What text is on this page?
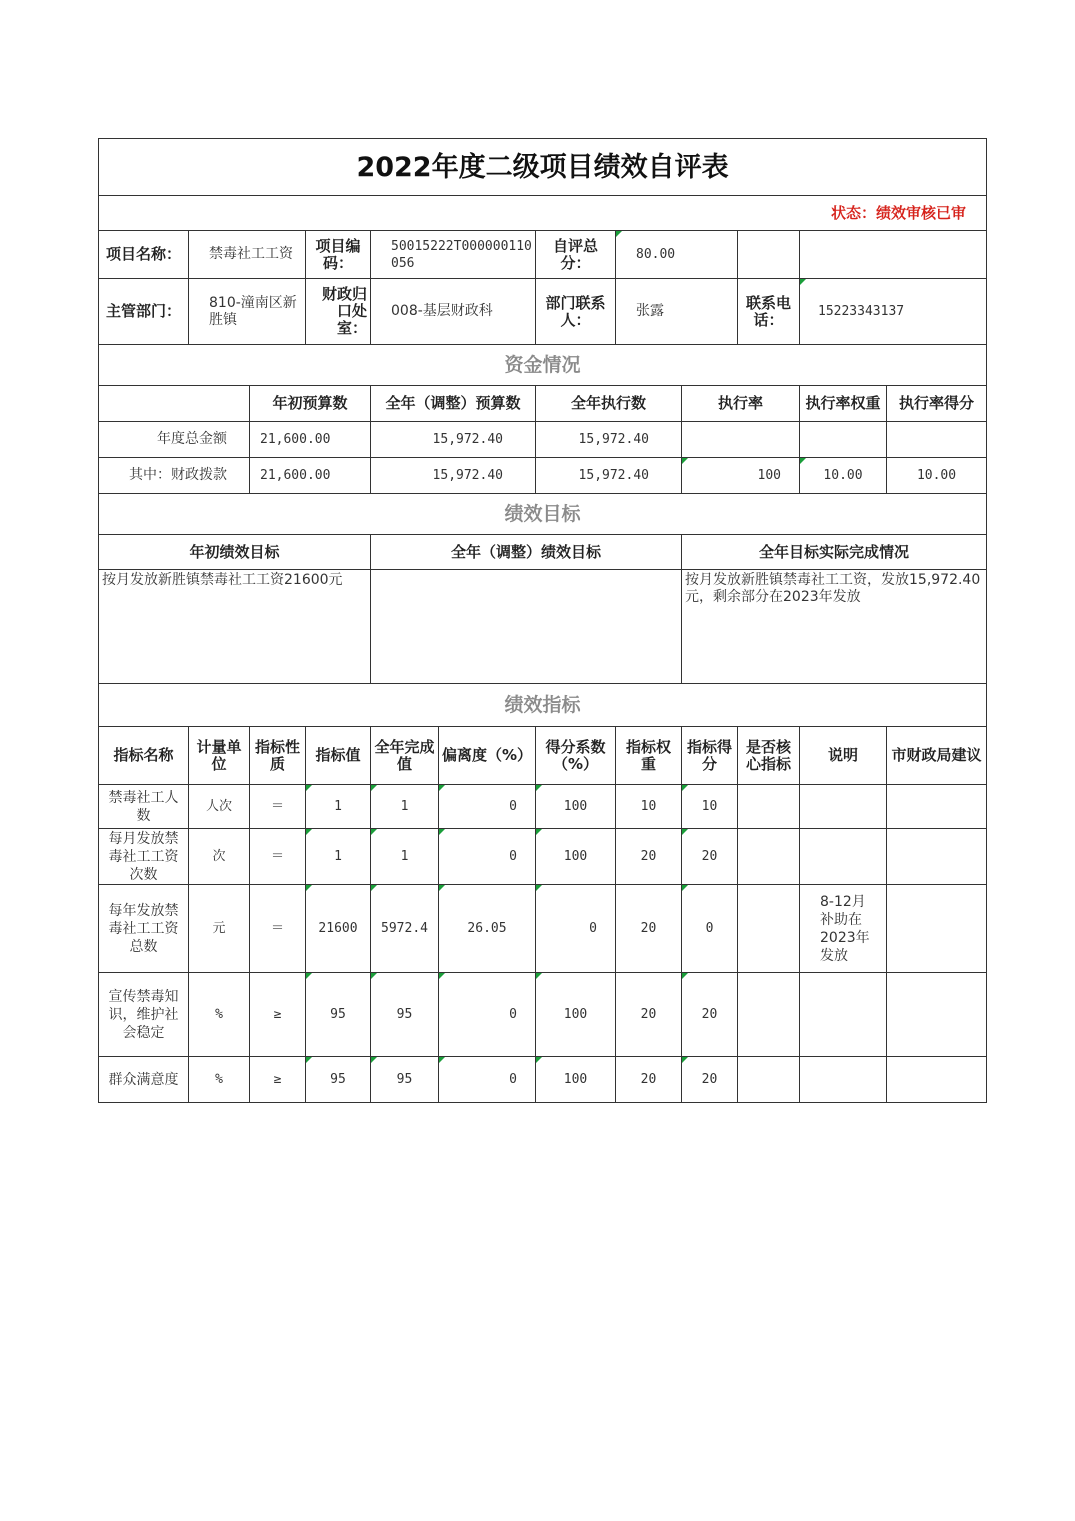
2022年度二级项目绩效自评表											
状态：绩效审核已审											
项目名称：	禁毒社工工资		项目编码：	50015222T000000110056		自评总分：	80.00				
主管部门：	810-潼南区新胜镇		财政归口处室：	008-基层财政科		部门联系人：	张露		联系电话：	15223343137	
资金情况											
		年初预算数		全年（调整）预算数		全年执行数		执行率		执行率权重	执行率得分
年度总金额		21,600.00		15,972.40		15,972.40					
其中：财政拨款		21,600.00		15,972.40		15,972.40		100		10.00	10.00
绩效目标											
年初绩效目标				全年（调整）绩效目标				全年目标实际完成情况			
按月发放新胜镇禁毒社工工资21600元								按月发放新胜镇禁毒社工工资，发放15,972.40元，剩余部分在2023年发放			
绩效指标											
指标名称	计量单位	指标性质	指标值	全年完成值	偏离度（%）	得分系数（%）	指标权重	指标得分	是否核心指标	说明	市财政局建议
禁毒社工人数	人次	＝	1	1	0	100	10	10			
每月发放禁毒社工工资次数	次	＝	1	1	0	100	20	20			
每年发放禁毒社工工资总数	元	＝	21600	5972.4	26.05	0	20	0		8-12月补助在2023年发放	
宣传禁毒知识，维护社会稳定	%	≥	95	95	0	100	20	20			
群众满意度	%	≥	95	95	0	100	20	20			
